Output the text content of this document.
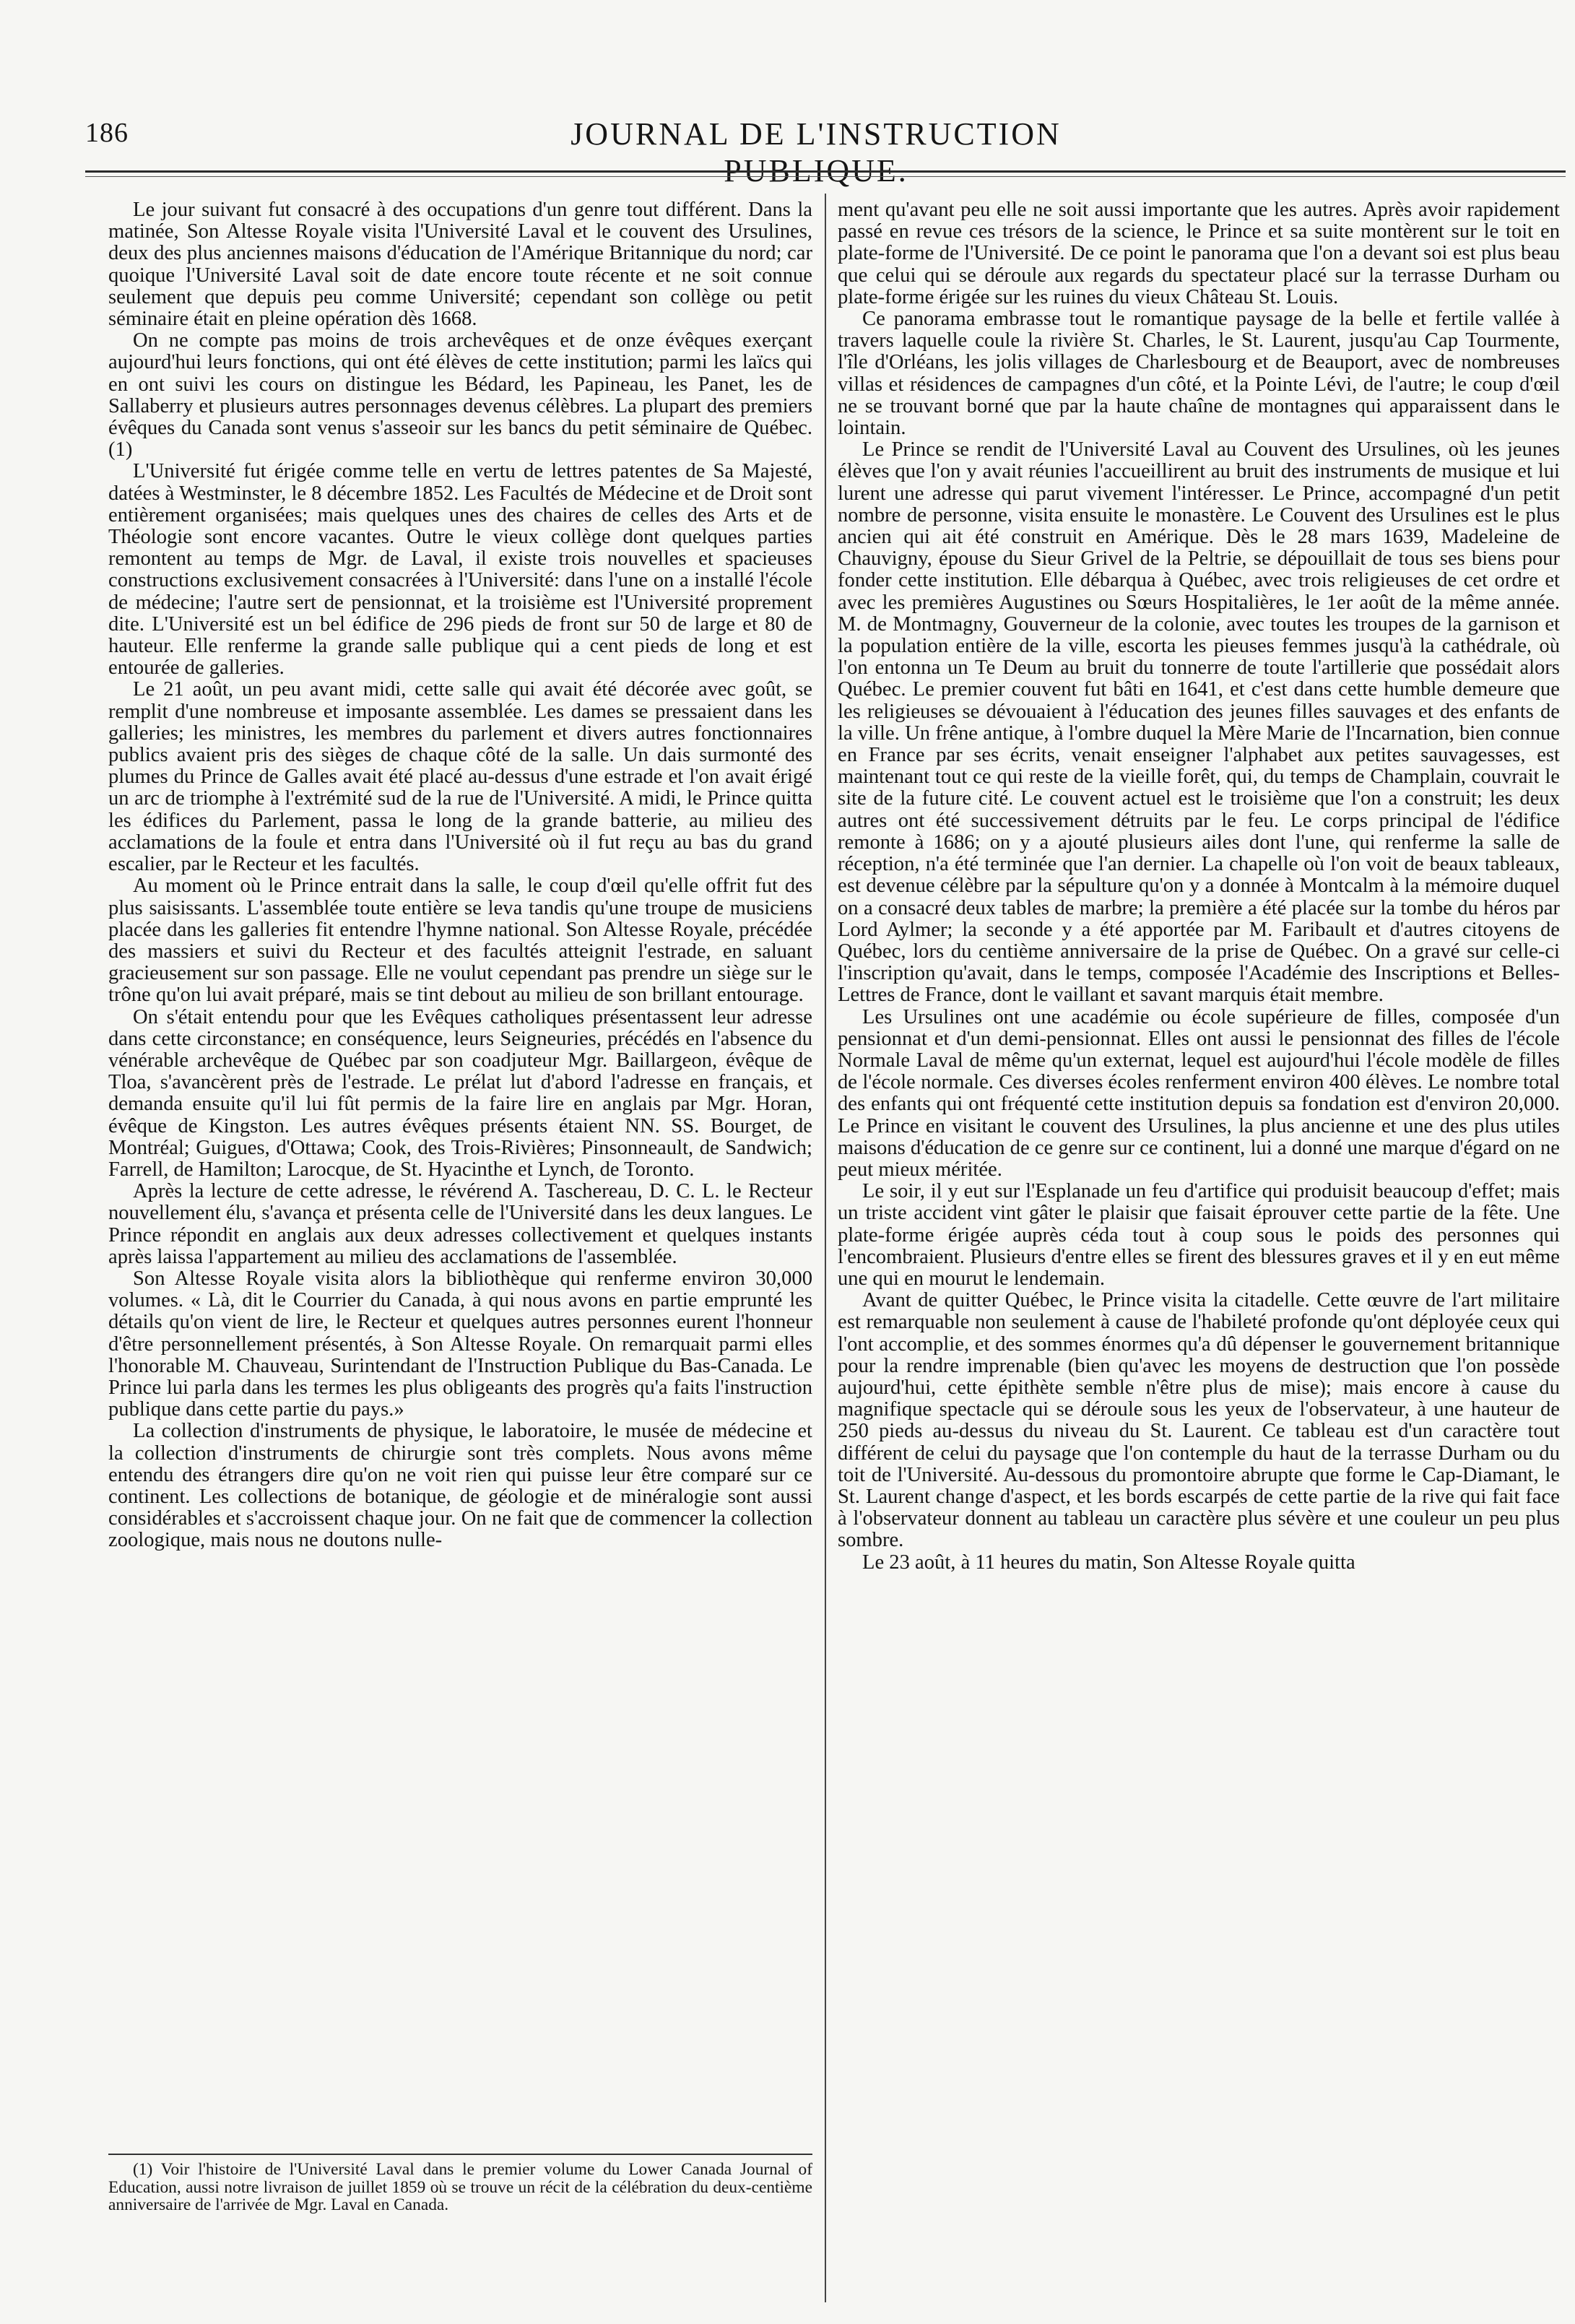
186	JOURNAL DE L'INSTRUCTION PUBLIQUE.

Le jour suivant fut consacré à des occupations d'un genre tout différent. Dans la matinée, Son Altesse Royale visita l'Université Laval et le couvent des Ursulines, deux des plus anciennes maisons d'éducation de l'Amérique Britannique du nord; car quoique l'Université Laval soit de date encore toute récente et ne soit connue seulement que depuis peu comme Université; cependant son collège ou petit séminaire était en pleine opération dès 1668.

On ne compte pas moins de trois archevêques et de onze évêques exerçant aujourd'hui leurs fonctions, qui ont été élèves de cette institution; parmi les laïcs qui en ont suivi les cours on distingue les Bédard, les Papineau, les Panet, les de Sallaberry et plusieurs autres personnages devenus célèbres. La plupart des premiers évêques du Canada sont venus s'asseoir sur les bancs du petit séminaire de Québec. (1)

L'Université fut érigée comme telle en vertu de lettres patentes de Sa Majesté, datées à Westminster, le 8 décembre 1852. Les Facultés de Médecine et de Droit sont entièrement organisées; mais quelques unes des chaires de celles des Arts et de Théologie sont encore vacantes. Outre le vieux collège dont quelques parties remontent au temps de Mgr. de Laval, il existe trois nouvelles et spacieuses constructions exclusivement consacrées à l'Université: dans l'une on a installé l'école de médecine; l'autre sert de pensionnat, et la troisième est l'Université proprement dite. L'Université est un bel édifice de 296 pieds de front sur 50 de large et 80 de hauteur. Elle renferme la grande salle publique qui a cent pieds de long et est entourée de galleries.

Le 21 août, un peu avant midi, cette salle qui avait été décorée avec goût, se remplit d'une nombreuse et imposante assemblée. Les dames se pressaient dans les galleries; les ministres, les membres du parlement et divers autres fonctionnaires publics avaient pris des sièges de chaque côté de la salle. Un dais surmonté des plumes du Prince de Galles avait été placé au-dessus d'une estrade et l'on avait érigé un arc de triomphe à l'extrémité sud de la rue de l'Université. A midi, le Prince quitta les édifices du Parlement, passa le long de la grande batterie, au milieu des acclamations de la foule et entra dans l'Université où il fut reçu au bas du grand escalier, par le Recteur et les facultés.

Au moment où le Prince entrait dans la salle, le coup d'œil qu'elle offrit fut des plus saisissants. L'assemblée toute entière se leva tandis qu'une troupe de musiciens placée dans les galleries fit entendre l'hymne national. Son Altesse Royale, précédée des massiers et suivi du Recteur et des facultés atteignit l'estrade, en saluant gracieusement sur son passage. Elle ne voulut cependant pas prendre un siège sur le trône qu'on lui avait préparé, mais se tint debout au milieu de son brillant entourage.

On s'était entendu pour que les Evêques catholiques présentassent leur adresse dans cette circonstance; en conséquence, leurs Seigneuries, précédés en l'absence du vénérable archevêque de Québec par son coadjuteur Mgr. Baillargeon, évêque de Tloa, s'avancèrent près de l'estrade. Le prélat lut d'abord l'adresse en français, et demanda ensuite qu'il lui fût permis de la faire lire en anglais par Mgr. Horan, évêque de Kingston. Les autres évêques présents étaient NN. SS. Bourget, de Montréal; Guigues, d'Ottawa; Cook, des Trois-Rivières; Pinsonneault, de Sandwich; Farrell, de Hamilton; Larocque, de St. Hyacinthe et Lynch, de Toronto.

Après la lecture de cette adresse, le révérend A. Taschereau, D. C. L. le Recteur nouvellement élu, s'avança et présenta celle de l'Université dans les deux langues. Le Prince répondit en anglais aux deux adresses collectivement et quelques instants après laissa l'appartement au milieu des acclamations de l'assemblée.

Son Altesse Royale visita alors la bibliothèque qui renferme environ 30,000 volumes. « Là, dit le Courrier du Canada, à qui nous avons en partie emprunté les détails qu'on vient de lire, le Recteur et quelques autres personnes eurent l'honneur d'être personnellement présentés, à Son Altesse Royale. On remarquait parmi elles l'honorable M. Chauveau, Surintendant de l'Instruction Publique du Bas-Canada. Le Prince lui parla dans les termes les plus obligeants des progrès qu'a faits l'instruction publique dans cette partie du pays.»

La collection d'instruments de physique, le laboratoire, le musée de médecine et la collection d'instruments de chirurgie sont très complets. Nous avons même entendu des étrangers dire qu'on ne voit rien qui puisse leur être comparé sur ce continent. Les collections de botanique, de géologie et de minéralogie sont aussi considérables et s'accroissent chaque jour. On ne fait que de commencer la collection zoologique, mais nous ne doutons nulle-

ment qu'avant peu elle ne soit aussi importante que les autres. Après avoir rapidement passé en revue ces trésors de la science, le Prince et sa suite montèrent sur le toit en plate-forme de l'Université. De ce point le panorama que l'on a devant soi est plus beau que celui qui se déroule aux regards du spectateur placé sur la terrasse Durham ou plate-forme érigée sur les ruines du vieux Château St. Louis.

Ce panorama embrasse tout le romantique paysage de la belle et fertile vallée à travers laquelle coule la rivière St. Charles, le St. Laurent, jusqu'au Cap Tourmente, l'île d'Orléans, les jolis villages de Charlesbourg et de Beauport, avec de nombreuses villas et résidences de campagnes d'un côté, et la Pointe Lévi, de l'autre; le coup d'œil ne se trouvant borné que par la haute chaîne de montagnes qui apparaissent dans le lointain.

Le Prince se rendit de l'Université Laval au Couvent des Ursulines, où les jeunes élèves que l'on y avait réunies l'accueillirent au bruit des instruments de musique et lui lurent une adresse qui parut vivement l'intéresser. Le Prince, accompagné d'un petit nombre de personne, visita ensuite le monastère. Le Couvent des Ursulines est le plus ancien qui ait été construit en Amérique. Dès le 28 mars 1639, Madeleine de Chauvigny, épouse du Sieur Grivel de la Peltrie, se dépouillait de tous ses biens pour fonder cette institution. Elle débarqua à Québec, avec trois religieuses de cet ordre et avec les premières Augustines ou Sœurs Hospitalières, le 1er août de la même année. M. de Montmagny, Gouverneur de la colonie, avec toutes les troupes de la garnison et la population entière de la ville, escorta les pieuses femmes jusqu'à la cathédrale, où l'on entonna un Te Deum au bruit du tonnerre de toute l'artillerie que possédait alors Québec. Le premier couvent fut bâti en 1641, et c'est dans cette humble demeure que les religieuses se dévouaient à l'éducation des jeunes filles sauvages et des enfants de la ville. Un frêne antique, à l'ombre duquel la Mère Marie de l'Incarnation, bien connue en France par ses écrits, venait enseigner l'alphabet aux petites sauvagesses, est maintenant tout ce qui reste de la vieille forêt, qui, du temps de Champlain, couvrait le site de la future cité. Le couvent actuel est le troisième que l'on a construit; les deux autres ont été successivement détruits par le feu. Le corps principal de l'édifice remonte à 1686; on y a ajouté plusieurs ailes dont l'une, qui renferme la salle de réception, n'a été terminée que l'an dernier. La chapelle où l'on voit de beaux tableaux, est devenue célèbre par la sépulture qu'on y a donnée à Montcalm à la mémoire duquel on a consacré deux tables de marbre; la première a été placée sur la tombe du héros par Lord Aylmer; la seconde y a été apportée par M. Faribault et d'autres citoyens de Québec, lors du centième anniversaire de la prise de Québec. On a gravé sur celle-ci l'inscription qu'avait, dans le temps, composée l'Académie des Inscriptions et Belles-Lettres de France, dont le vaillant et savant marquis était membre.

Les Ursulines ont une académie ou école supérieure de filles, composée d'un pensionnat et d'un demi-pensionnat. Elles ont aussi le pensionnat des filles de l'école Normale Laval de même qu'un externat, lequel est aujourd'hui l'école modèle de filles de l'école normale. Ces diverses écoles renferment environ 400 élèves. Le nombre total des enfants qui ont fréquenté cette institution depuis sa fondation est d'environ 20,000. Le Prince en visitant le couvent des Ursulines, la plus ancienne et une des plus utiles maisons d'éducation de ce genre sur ce continent, lui a donné une marque d'égard on ne peut mieux méritée.

Le soir, il y eut sur l'Esplanade un feu d'artifice qui produisit beaucoup d'effet; mais un triste accident vint gâter le plaisir que faisait éprouver cette partie de la fête. Une plate-forme érigée auprès céda tout à coup sous le poids des personnes qui l'encombraient. Plusieurs d'entre elles se firent des blessures graves et il y en eut même une qui en mourut le lendemain.

Avant de quitter Québec, le Prince visita la citadelle. Cette œuvre de l'art militaire est remarquable non seulement à cause de l'habileté profonde qu'ont déployée ceux qui l'ont accomplie, et des sommes énormes qu'a dû dépenser le gouvernement britannique pour la rendre imprenable (bien qu'avec les moyens de destruction que l'on possède aujourd'hui, cette épithète semble n'être plus de mise); mais encore à cause du magnifique spectacle qui se déroule sous les yeux de l'observateur, à une hauteur de 250 pieds au-dessus du niveau du St. Laurent. Ce tableau est d'un caractère tout différent de celui du paysage que l'on contemple du haut de la terrasse Durham ou du toit de l'Université. Au-dessous du promontoire abrupte que forme le Cap-Diamant, le St. Laurent change d'aspect, et les bords escarpés de cette partie de la rive qui fait face à l'observateur donnent au tableau un caractère plus sévère et une couleur un peu plus sombre.

Le 23 août, à 11 heures du matin, Son Altesse Royale quitta

(1) Voir l'histoire de l'Université Laval dans le premier volume du Lower Canada Journal of Education, aussi notre livraison de juillet 1859 où se trouve un récit de la célébration du deux-centième anniversaire de l'arrivée de Mgr. Laval en Canada.
